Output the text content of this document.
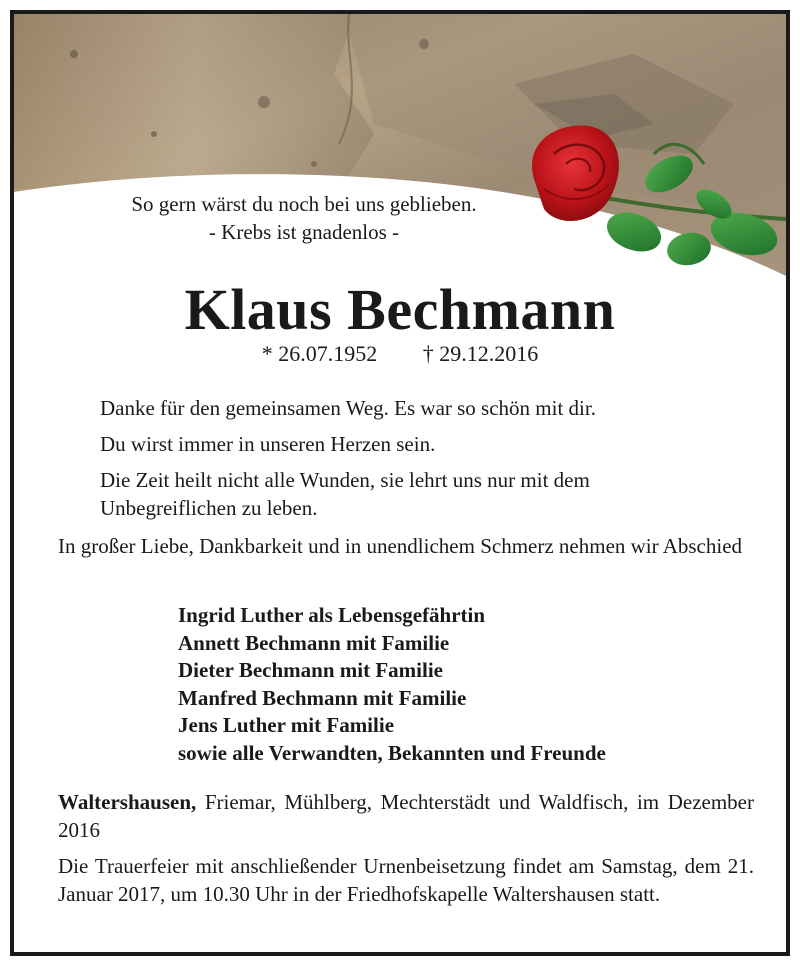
So gern wärst du noch bei uns geblieben.
- Krebs ist gnadenlos -
Klaus Bechmann
* 26.07.1952 † 29.12.2016

Danke für den gemeinsamen Weg. Es war so schön mit dir.

Du wirst immer in unseren Herzen sein.

Die Zeit heilt nicht alle Wunden, sie lehrt uns nur mit dem Unbegreiflichen zu leben.

In großer Liebe, Dankbarkeit und in unendlichem Schmerz nehmen wir Abschied

Ingrid Luther als Lebensgefährtin
Annett Bechmann mit Familie
Dieter Bechmann mit Familie
Manfred Bechmann mit Familie
Jens Luther mit Familie
sowie alle Verwandten, Bekannten und Freunde

Waltershausen, Friemar, Mühlberg, Mechterstädt und Waldfisch, im Dezember 2016

Die Trauerfeier mit anschließender Urnenbeisetzung findet am Samstag, dem 21. Januar 2017, um 10.30 Uhr in der Friedhofskapelle Waltershausen statt.
